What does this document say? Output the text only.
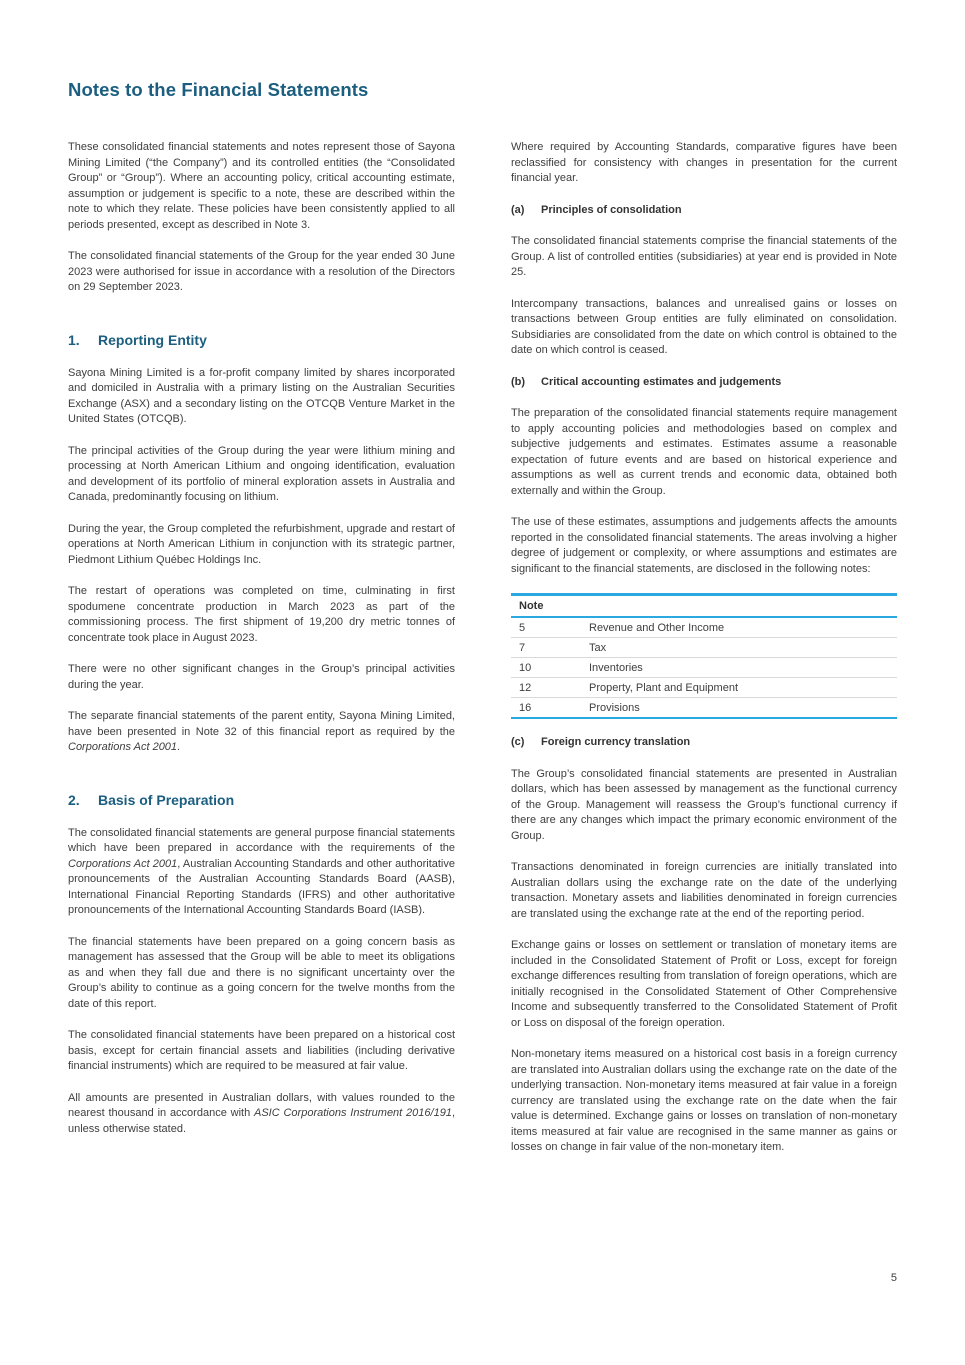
Notes to the Financial Statements

These consolidated financial statements and notes represent those of Sayona Mining Limited (“the Company”) and its controlled entities (the “Consolidated Group” or “Group”). Where an accounting policy, critical accounting estimate, assumption or judgement is specific to a note, these are described within the note to which they relate. These policies have been consistently applied to all periods presented, except as described in Note 3.

The consolidated financial statements of the Group for the year ended 30 June 2023 were authorised for issue in accordance with a resolution of the Directors on 29 September 2023.

1. Reporting Entity

Sayona Mining Limited is a for-profit company limited by shares incorporated and domiciled in Australia with a primary listing on the Australian Securities Exchange (ASX) and a secondary listing on the OTCQB Venture Market in the United States (OTCQB).

The principal activities of the Group during the year were lithium mining and processing at North American Lithium and ongoing identification, evaluation and development of its portfolio of mineral exploration assets in Australia and Canada, predominantly focusing on lithium.

During the year, the Group completed the refurbishment, upgrade and restart of operations at North American Lithium in conjunction with its strategic partner, Piedmont Lithium Québec Holdings Inc.

The restart of operations was completed on time, culminating in first spodumene concentrate production in March 2023 as part of the commissioning process. The first shipment of 19,200 dry metric tonnes of concentrate took place in August 2023.

There were no other significant changes in the Group’s principal activities during the year.

The separate financial statements of the parent entity, Sayona Mining Limited, have been presented in Note 32 of this financial report as required by the Corporations Act 2001.

2. Basis of Preparation

The consolidated financial statements are general purpose financial statements which have been prepared in accordance with the requirements of the Corporations Act 2001, Australian Accounting Standards and other authoritative pronouncements of the Australian Accounting Standards Board (AASB), International Financial Reporting Standards (IFRS) and other authoritative pronouncements of the International Accounting Standards Board (IASB).

The financial statements have been prepared on a going concern basis as management has assessed that the Group will be able to meet its obligations as and when they fall due and there is no significant uncertainty over the Group’s ability to continue as a going concern for the twelve months from the date of this report.

The consolidated financial statements have been prepared on a historical cost basis, except for certain financial assets and liabilities (including derivative financial instruments) which are required to be measured at fair value.

All amounts are presented in Australian dollars, with values rounded to the nearest thousand in accordance with ASIC Corporations Instrument 2016/191, unless otherwise stated.

Where required by Accounting Standards, comparative figures have been reclassified for consistency with changes in presentation for the current financial year.

(a) Principles of consolidation

The consolidated financial statements comprise the financial statements of the Group. A list of controlled entities (subsidiaries) at year end is provided in Note 25.

Intercompany transactions, balances and unrealised gains or losses on transactions between Group entities are fully eliminated on consolidation. Subsidiaries are consolidated from the date on which control is obtained to the date on which control is ceased.

(b) Critical accounting estimates and judgements

The preparation of the consolidated financial statements require management to apply accounting policies and methodologies based on complex and subjective judgements and estimates. Estimates assume a reasonable expectation of future events and are based on historical experience and assumptions as well as current trends and economic data, obtained both externally and within the Group.

The use of these estimates, assumptions and judgements affects the amounts reported in the consolidated financial statements. The areas involving a higher degree of judgement or complexity, or where assumptions and estimates are significant to the financial statements, are disclosed in the following notes:

Note
5	Revenue and Other Income
7	Tax
10	Inventories
12	Property, Plant and Equipment
16	Provisions
(c) Foreign currency translation

The Group’s consolidated financial statements are presented in Australian dollars, which has been assessed by management as the functional currency of the Group. Management will reassess the Group’s functional currency if there are any changes which impact the primary economic environment of the Group.

Transactions denominated in foreign currencies are initially translated into Australian dollars using the exchange rate on the date of the underlying transaction. Monetary assets and liabilities denominated in foreign currencies are translated using the exchange rate at the end of the reporting period.

Exchange gains or losses on settlement or translation of monetary items are included in the Consolidated Statement of Profit or Loss, except for foreign exchange differences resulting from translation of foreign operations, which are initially recognised in the Consolidated Statement of Other Comprehensive Income and subsequently transferred to the Consolidated Statement of Profit or Loss on disposal of the foreign operation.

Non-monetary items measured on a historical cost basis in a foreign currency are translated into Australian dollars using the exchange rate on the date of the underlying transaction. Non-monetary items measured at fair value in a foreign currency are translated using the exchange rate on the date when the fair value is determined. Exchange gains or losses on translation of non-monetary items measured at fair value are recognised in the same manner as gains or losses on change in fair value of the non-monetary item.

5
